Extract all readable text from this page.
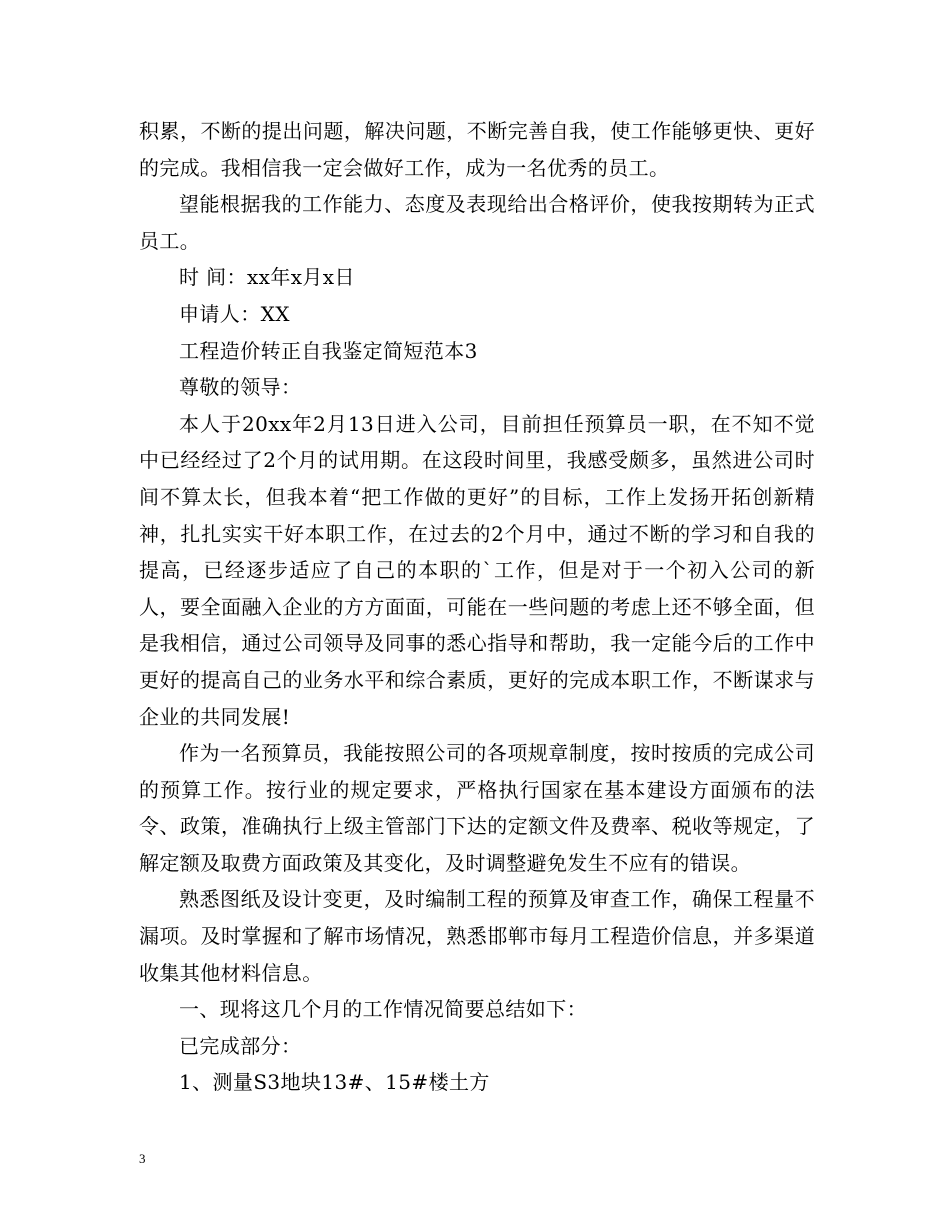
积累，不断的提出问题，解决问题，不断完善自我，使工作能够更快、更好的完成。我相信我一定会做好工作，成为一名优秀的员工。

望能根据我的工作能力、态度及表现给出合格评价，使我按期转为正式员工。

时 间：xx年x月x日

申请人：XX

工程造价转正自我鉴定简短范本3

尊敬的领导：

本人于20xx年2月13日进入公司，目前担任预算员一职，在不知不觉中已经经过了2个月的试用期。在这段时间里，我感受颇多，虽然进公司时间不算太长，但我本着“把工作做的更好”的目标，工作上发扬开拓创新精神，扎扎实实干好本职工作，在过去的2个月中，通过不断的学习和自我的提高，已经逐步适应了自己的本职的`工作，但是对于一个初入公司的新人，要全面融入企业的方方面面，可能在一些问题的考虑上还不够全面，但是我相信，通过公司领导及同事的悉心指导和帮助，我一定能今后的工作中更好的提高自己的业务水平和综合素质，更好的完成本职工作，不断谋求与企业的共同发展!

作为一名预算员，我能按照公司的各项规章制度，按时按质的完成公司的预算工作。按行业的规定要求，严格执行国家在基本建设方面颁布的法令、政策，准确执行上级主管部门下达的定额文件及费率、税收等规定，了解定额及取费方面政策及其变化，及时调整避免发生不应有的错误。

熟悉图纸及设计变更，及时编制工程的预算及审查工作，确保工程量不漏项。及时掌握和了解市场情况，熟悉邯郸市每月工程造价信息，并多渠道收集其他材料信息。

一、现将这几个月的工作情况简要总结如下：

已完成部分：

1、测量S3地块13#、15#楼土方

3
